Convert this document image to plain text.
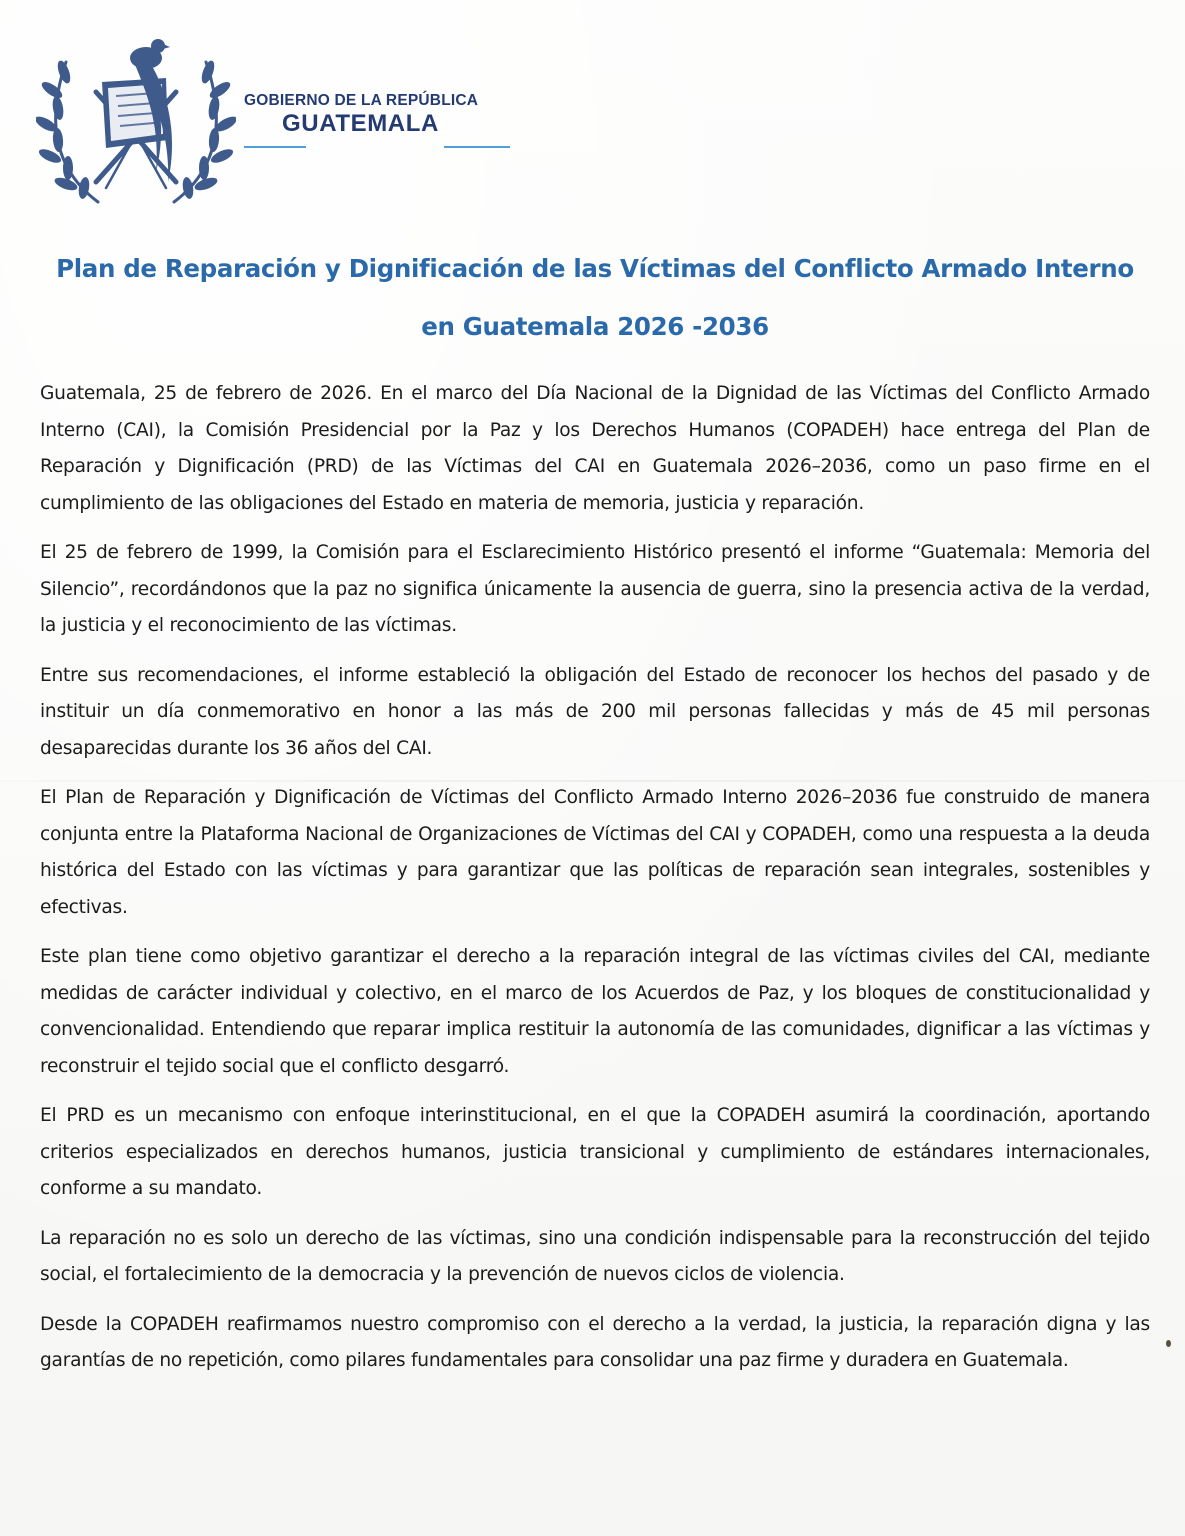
GOBIERNO DE LA REPÚBLICA
GUATEMALA
Plan de Reparación y Dignificación de las Víctimas del Conflicto Armado Interno
en Guatemala 2026 -2036

Guatemala, 25 de febrero de 2026. En el marco del Día Nacional de la Dignidad de las Víctimas del Conflicto Armado Interno (CAI), la Comisión Presidencial por la Paz y los Derechos Humanos (COPADEH) hace entrega del Plan de Reparación y Dignificación (PRD) de las Víctimas del CAI en Guatemala 2026–2036, como un paso firme en el cumplimiento de las obligaciones del Estado en materia de memoria, justicia y reparación.

El 25 de febrero de 1999, la Comisión para el Esclarecimiento Histórico presentó el informe “Guatemala: Memoria del Silencio”, recordándonos que la paz no significa únicamente la ausencia de guerra, sino la presencia activa de la verdad, la justicia y el reconocimiento de las víctimas.

Entre sus recomendaciones, el informe estableció la obligación del Estado de reconocer los hechos del pasado y de instituir un día conmemorativo en honor a las más de 200 mil personas fallecidas y más de 45 mil personas desaparecidas durante los 36 años del CAI.

El Plan de Reparación y Dignificación de Víctimas del Conflicto Armado Interno 2026–2036 fue construido de manera conjunta entre la Plataforma Nacional de Organizaciones de Víctimas del CAI y COPADEH, como una respuesta a la deuda histórica del Estado con las víctimas y para garantizar que las políticas de reparación sean integrales, sostenibles y efectivas.

Este plan tiene como objetivo garantizar el derecho a la reparación integral de las víctimas civiles del CAI, mediante medidas de carácter individual y colectivo, en el marco de los Acuerdos de Paz, y los bloques de constitucionalidad y convencionalidad. Entendiendo que reparar implica restituir la autonomía de las comunidades, dignificar a las víctimas y reconstruir el tejido social que el conflicto desgarró.

El PRD es un mecanismo con enfoque interinstitucional, en el que la COPADEH asumirá la coordinación, aportando criterios especializados en derechos humanos, justicia transicional y cumplimiento de estándares internacionales, conforme a su mandato.

La reparación no es solo un derecho de las víctimas, sino una condición indispensable para la reconstrucción del tejido social, el fortalecimiento de la democracia y la prevención de nuevos ciclos de violencia.

Desde la COPADEH reafirmamos nuestro compromiso con el derecho a la verdad, la justicia, la reparación digna y las garantías de no repetición, como pilares fundamentales para consolidar una paz firme y duradera en Guatemala.
